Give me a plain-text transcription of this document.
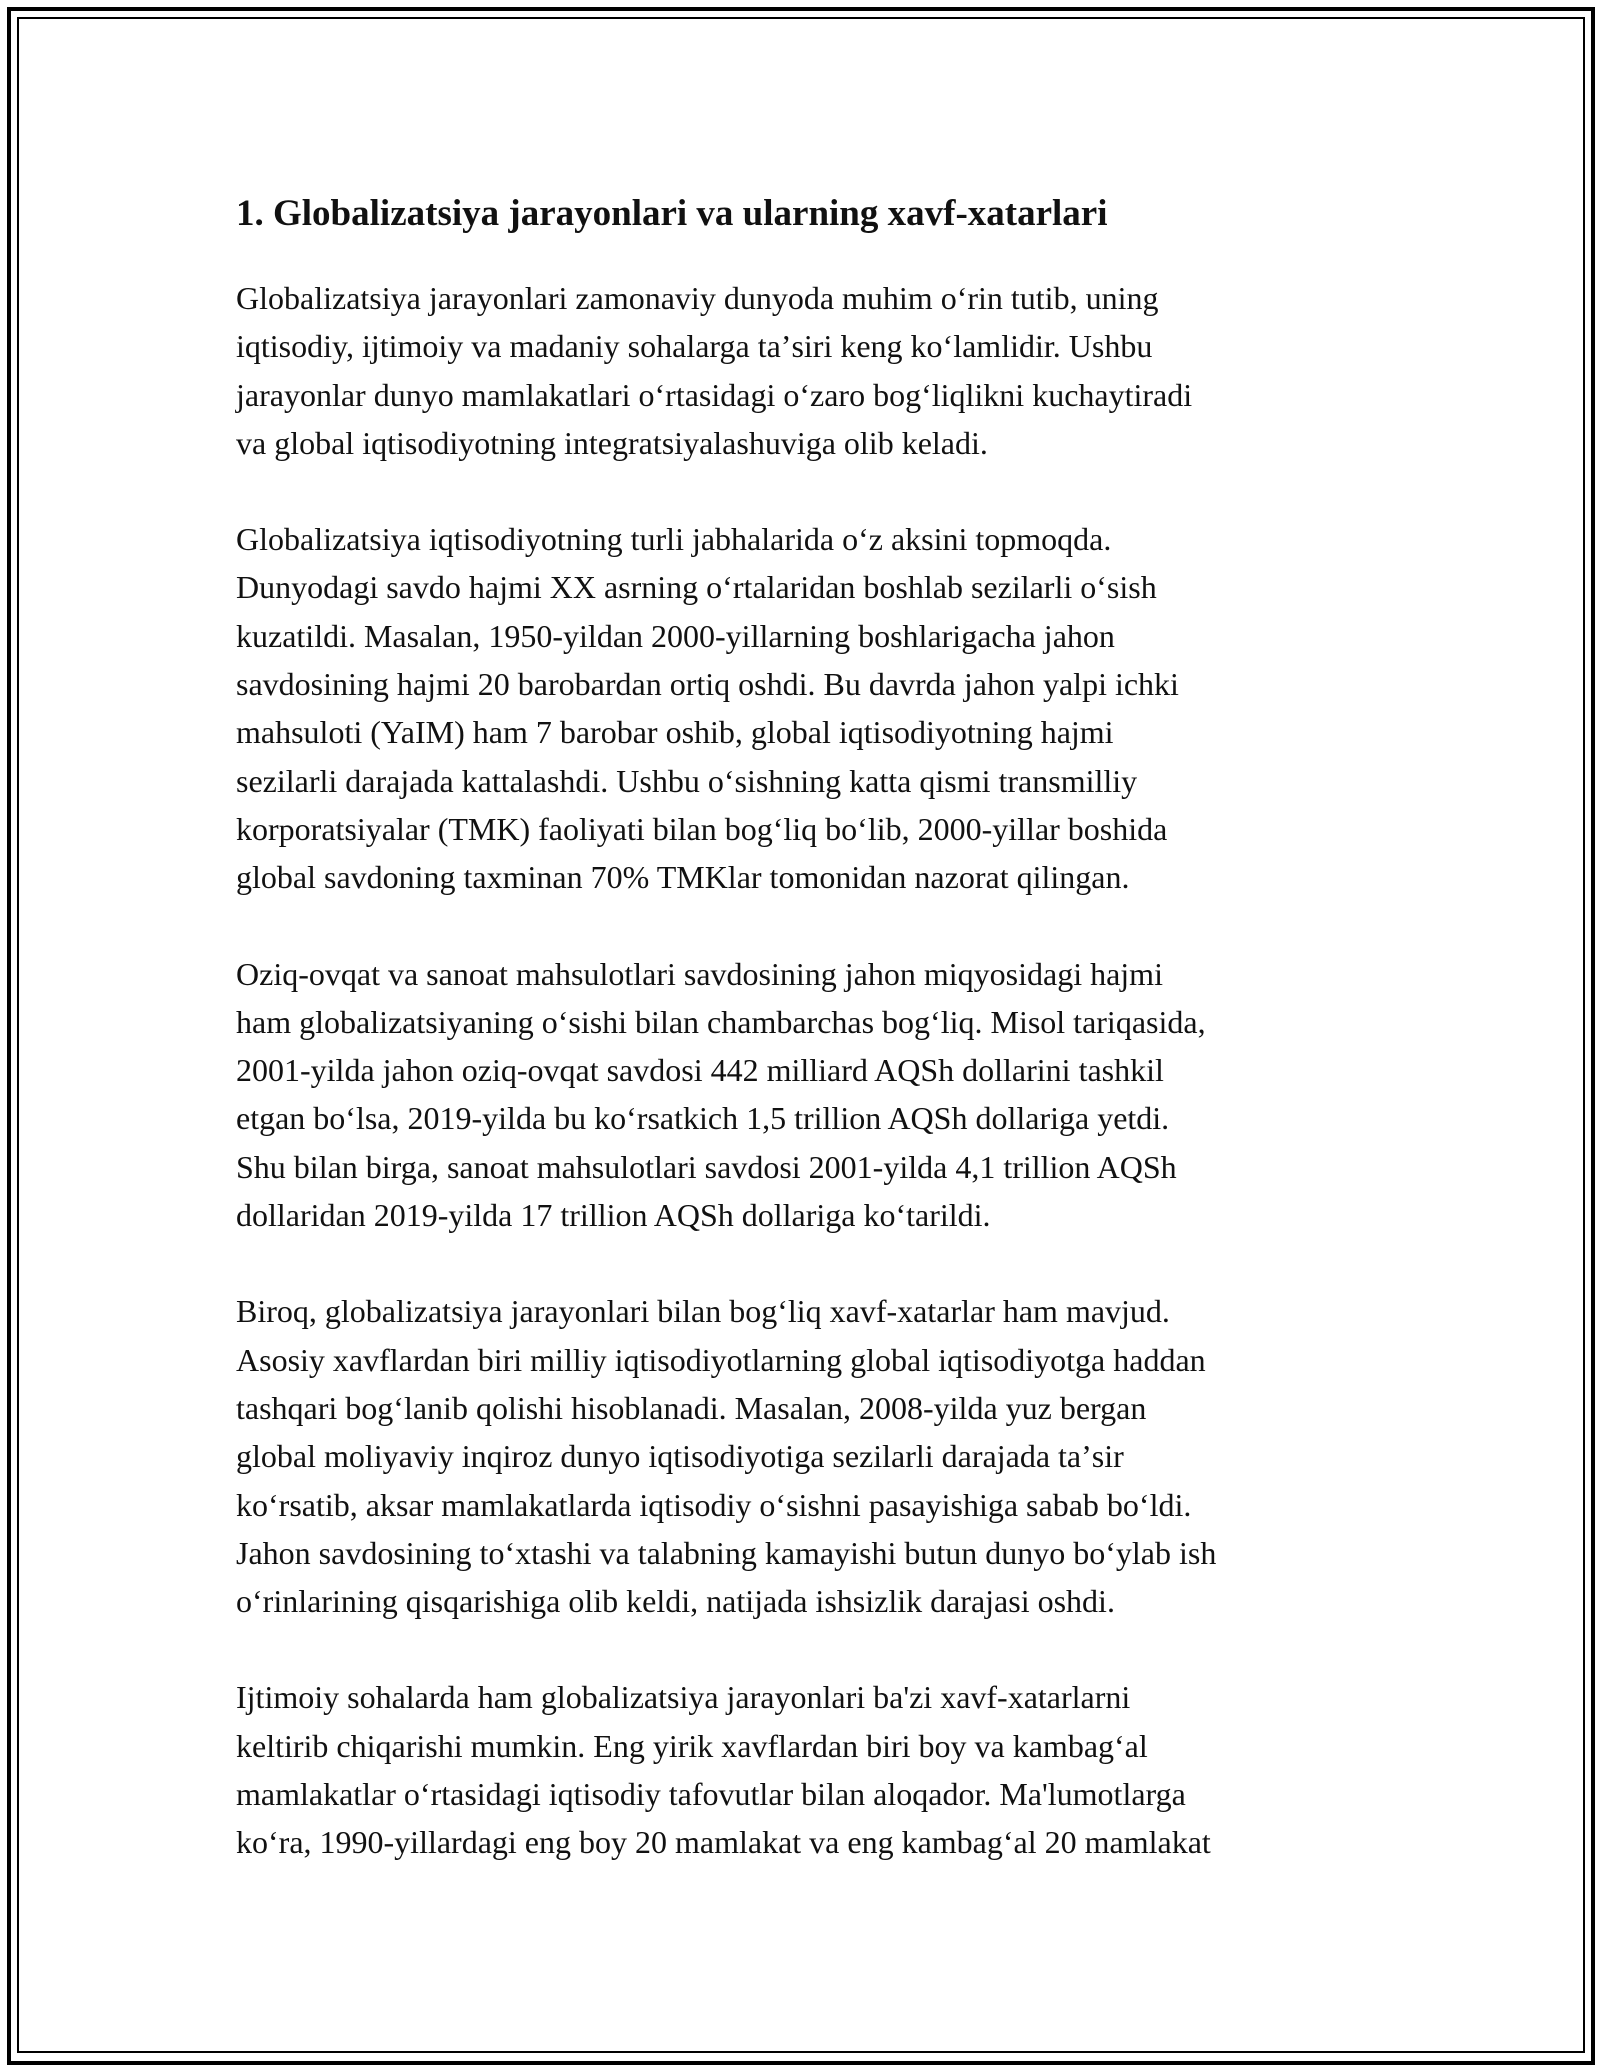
1. Globalizatsiya jarayonlari va ularning xavf-xatarlari

Globalizatsiya jarayonlari zamonaviy dunyoda muhim oʻrin tutib, uning
iqtisodiy, ijtimoiy va madaniy sohalarga taʼsiri keng koʻlamlidir. Ushbu
jarayonlar dunyo mamlakatlari oʻrtasidagi oʻzaro bogʻliqlikni kuchaytiradi
va global iqtisodiyotning integratsiyalashuviga olib keladi.

Globalizatsiya iqtisodiyotning turli jabhalarida oʻz aksini topmoqda.
Dunyodagi savdo hajmi XX asrning oʻrtalaridan boshlab sezilarli oʻsish
kuzatildi. Masalan, 1950-yildan 2000-yillarning boshlarigacha jahon
savdosining hajmi 20 barobardan ortiq oshdi. Bu davrda jahon yalpi ichki
mahsuloti (YaIM) ham 7 barobar oshib, global iqtisodiyotning hajmi
sezilarli darajada kattalashdi. Ushbu oʻsishning katta qismi transmilliy
korporatsiyalar (TMK) faoliyati bilan bogʻliq boʻlib, 2000-yillar boshida
global savdoning taxminan 70% TMKlar tomonidan nazorat qilingan.

Oziq-ovqat va sanoat mahsulotlari savdosining jahon miqyosidagi hajmi
ham globalizatsiyaning oʻsishi bilan chambarchas bogʻliq. Misol tariqasida,
2001-yilda jahon oziq-ovqat savdosi 442 milliard AQSh dollarini tashkil
etgan boʻlsa, 2019-yilda bu koʻrsatkich 1,5 trillion AQSh dollariga yetdi.
Shu bilan birga, sanoat mahsulotlari savdosi 2001-yilda 4,1 trillion AQSh
dollaridan 2019-yilda 17 trillion AQSh dollariga koʻtarildi.

Biroq, globalizatsiya jarayonlari bilan bogʻliq xavf-xatarlar ham mavjud.
Asosiy xavflardan biri milliy iqtisodiyotlarning global iqtisodiyotga haddan
tashqari bogʻlanib qolishi hisoblanadi. Masalan, 2008-yilda yuz bergan
global moliyaviy inqiroz dunyo iqtisodiyotiga sezilarli darajada taʼsir
koʻrsatib, aksar mamlakatlarda iqtisodiy oʻsishni pasayishiga sabab boʻldi.
Jahon savdosining toʻxtashi va talabning kamayishi butun dunyo boʻylab ish
oʻrinlarining qisqarishiga olib keldi, natijada ishsizlik darajasi oshdi.

Ijtimoiy sohalarda ham globalizatsiya jarayonlari ba'zi xavf-xatarlarni
keltirib chiqarishi mumkin. Eng yirik xavflardan biri boy va kambagʻal
mamlakatlar oʻrtasidagi iqtisodiy tafovutlar bilan aloqador. Ma'lumotlarga
koʻra, 1990-yillardagi eng boy 20 mamlakat va eng kambagʻal 20 mamlakat
